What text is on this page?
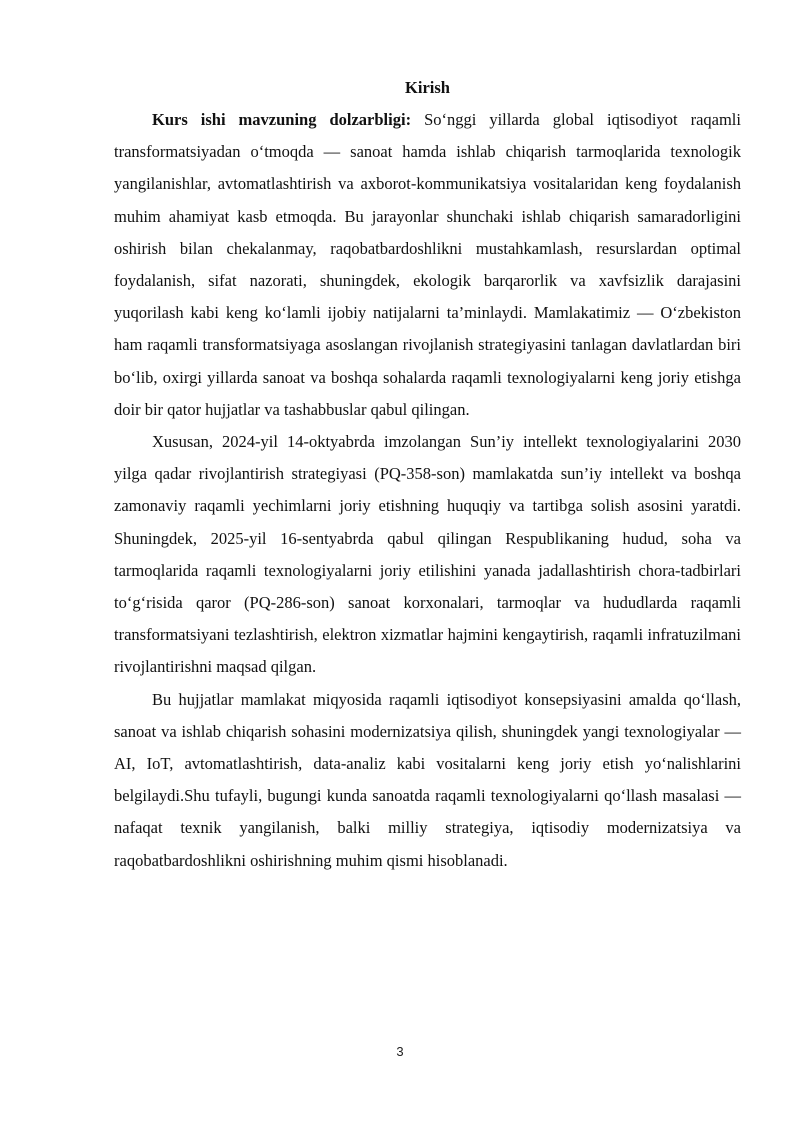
Kirish

Kurs ishi mavzuning dolzarbligi: So‘nggi yillarda global iqtisodiyot raqamli transformatsiyadan o‘tmoqda — sanoat hamda ishlab chiqarish tarmoqlarida texnologik yangilanishlar, avtomatlashtirish va axborot-kommunikatsiya vositalaridan keng foydalanish muhim ahamiyat kasb etmoqda. Bu jarayonlar shunchaki ishlab chiqarish samaradorligini oshirish bilan chekalanmay, raqobatbardoshlikni mustahkamlash, resurslardan optimal foydalanish, sifat nazorati, shuningdek, ekologik barqarorlik va xavfsizlik darajasini yuqorilash kabi keng ko‘lamli ijobiy natijalarni ta’minlaydi. Mamlakatimiz — O‘zbekiston ham raqamli transformatsiyaga asoslangan rivojlanish strategiyasini tanlagan davlatlardan biri bo‘lib, oxirgi yillarda sanoat va boshqa sohalarda raqamli texnologiyalarni keng joriy etishga doir bir qator hujjatlar va tashabbuslar qabul qilingan.

Xususan, 2024-yil 14-oktyabrda imzolangan Sun’iy intellekt texnologiyalarini 2030 yilga qadar rivojlantirish strategiyasi (PQ-358-son) mamlakatda sun’iy intellekt va boshqa zamonaviy raqamli yechimlarni joriy etishning huquqiy va tartibga solish asosini yaratdi. Shuningdek, 2025-yil 16-sentyabrda qabul qilingan Respublikaning hudud, soha va tarmoqlarida raqamli texnologiyalarni joriy etilishini yanada jadallashtirish chora-tadbirlari to‘g‘risida qaror (PQ-286-son) sanoat korxonalari, tarmoqlar va hududlarda raqamli transformatsiyani tezlashtirish, elektron xizmatlar hajmini kengaytirish, raqamli infratuzilmani rivojlantirishni maqsad qilgan.

Bu hujjatlar mamlakat miqyosida raqamli iqtisodiyot konsepsiyasini amalda qo‘llash, sanoat va ishlab chiqarish sohasini modernizatsiya qilish, shuningdek yangi texnologiyalar — AI, IoT, avtomatlashtirish, data-analiz kabi vositalarni keng joriy etish yo‘nalishlarini belgilaydi.Shu tufayli, bugungi kunda sanoatda raqamli texnologiyalarni qo‘llash masalasi — nafaqat texnik yangilanish, balki milliy strategiya, iqtisodiy modernizatsiya va raqobatbardoshlikni oshirishning muhim qismi hisoblanadi.

3
